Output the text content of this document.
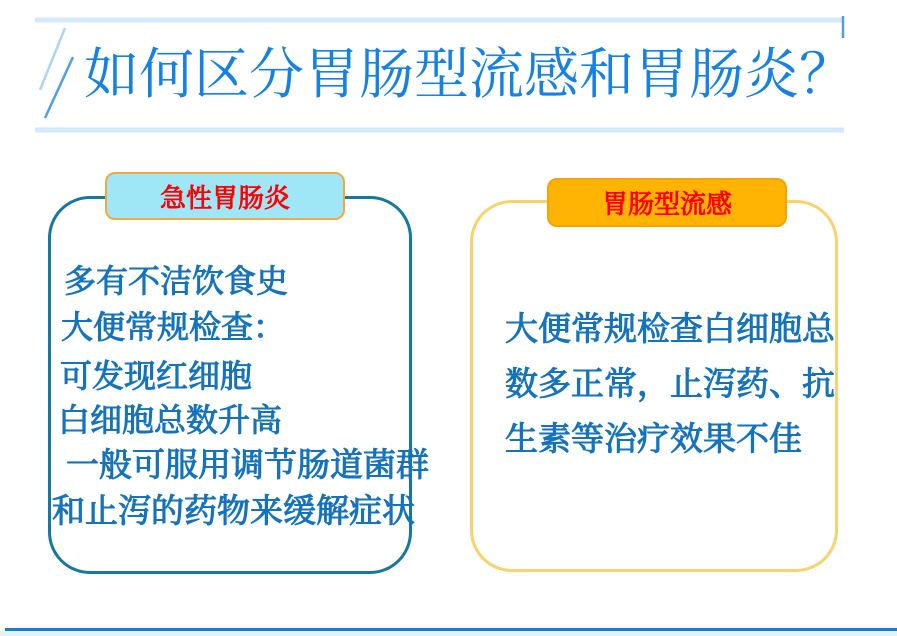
如何区分胃肠型流感和胃肠炎？
急性胃肠炎
多有不洁饮食史
大便常规检查：
可发现红细胞
白细胞总数升高
一般可服用调节肠道菌群
和止泻的药物来缓解症状
胃肠型流感
大便常规检查白细胞总
数多正常，止泻药、抗
生素等治疗效果不佳
